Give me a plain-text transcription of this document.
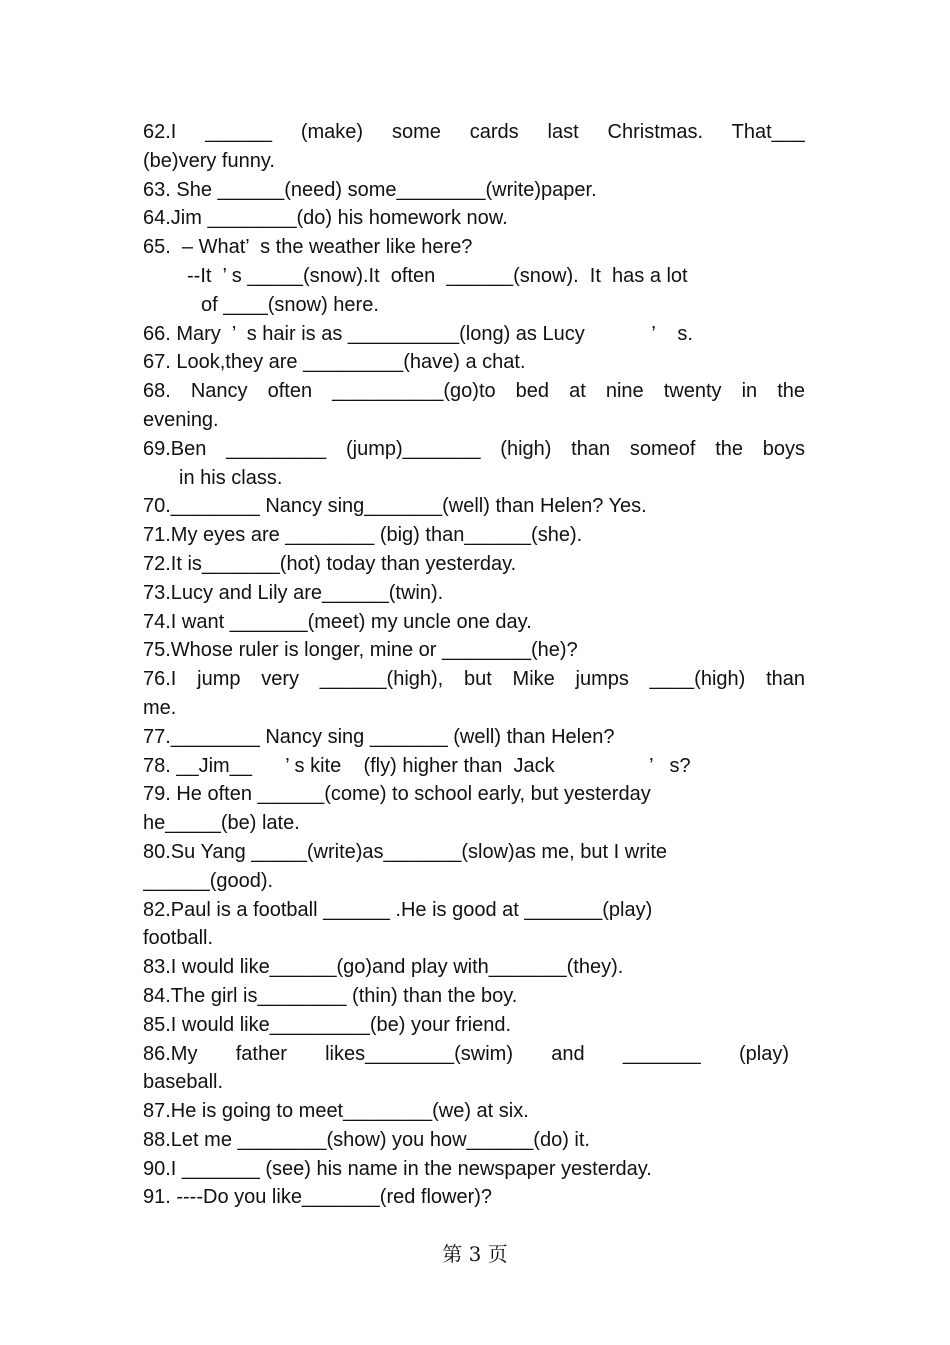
62.I ______ (make) some cards last Christmas. That___
(be)very funny.
63. She ______(need) some________(write)paper.
64.Jim ________(do) his homework now.
65.  – What’  s the weather like here?
--It  ’ s _____(snow).It  often  ______(snow).  It  has a lot
of ____(snow) here.
66. Mary  ’  s hair is as __________(long) as Lucy            ’    s.
67. Look,they are _________(have) a chat.
68. Nancy often __________(go)to bed at nine twenty in the
evening.
69.Ben _________ (jump)_______ (high) than someof the boys
in his class.
70.________ Nancy sing_______(well) than Helen? Yes.
71.My eyes are ________ (big) than______(she).
72.It is_______(hot) today than yesterday.
73.Lucy and Lily are______(twin).
74.I want _______(meet) my uncle one day.
75.Whose ruler is longer, mine or ________(he)?
76.I jump very ______(high), but Mike jumps ____(high) than
me.
77.________ Nancy sing _______ (well) than Helen?
78. __Jim__      ’ s kite    (fly) higher than  Jack                 ’   s?
79. He often ______(come) to school early, but yesterday
he_____(be) late.
80.Su Yang _____(write)as_______(slow)as me, but I write
______(good).
82.Paul is a football ______ .He is good at _______(play)
football.
83.I would like______(go)and play with_______(they).
84.The girl is________ (thin) than the boy.
85.I would like_________(be) your friend.
86.My father likes________(swim) and _______ (play)
baseball.
87.He is going to meet________(we) at six.
88.Let me ________(show) you how______(do) it.
90.I _______ (see) his name in the newspaper yesterday.
91. ----Do you like_______(red flower)?
第 3 页
